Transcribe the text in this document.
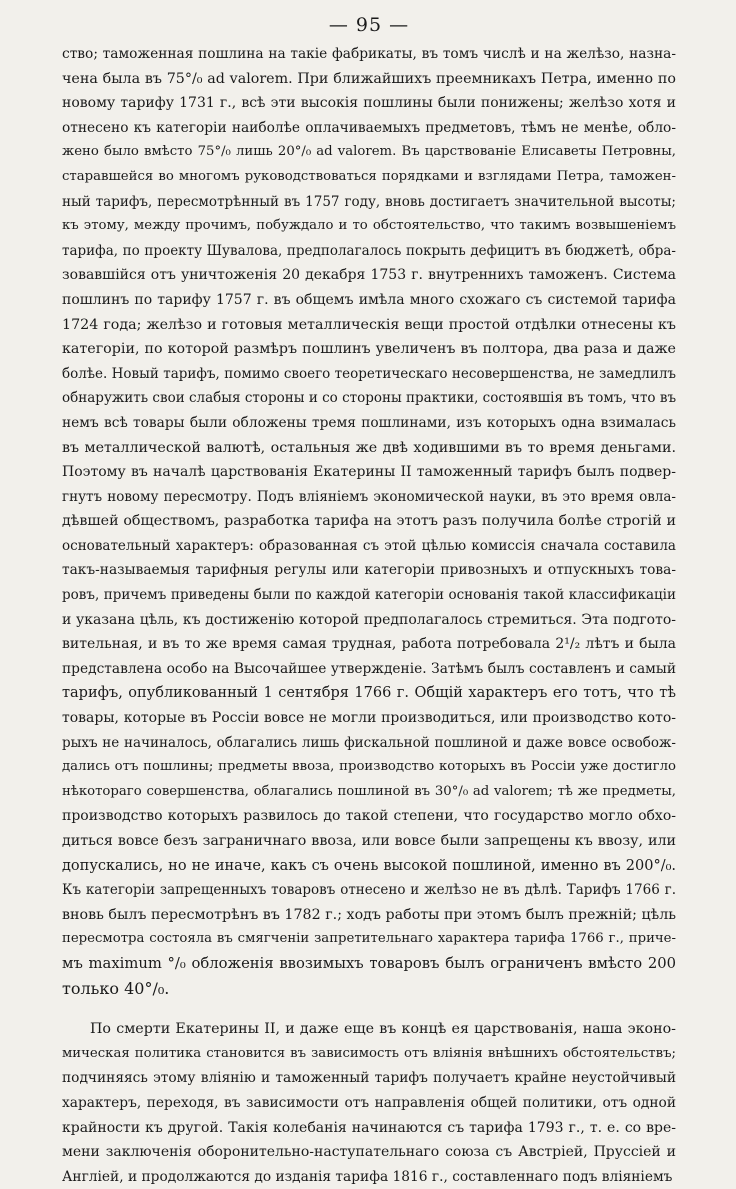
— 95 —
ство; таможенная пошлина на такiе фабрикаты, въ томъ числѣ и на желѣзо, назна-
чена была въ 75°/₀ ad valorem. При ближайшихъ преемникахъ Петра, именно по
новому тарифу 1731 г., всѣ эти высокiя пошлины были понижены; желѣзо хотя и
отнесено къ категорiи наиболѣе оплачиваемыхъ предметовъ, тѣмъ не менѣе, обло-
жено было вмѣсто 75°/₀ лишь 20°/₀ ad valorem. Въ царствованiе Елисаветы Петровны,
старавшейся во многомъ руководствоваться порядками и взглядами Петра, таможен-
ный тарифъ, пересмотрѣнный въ 1757 году, вновь достигаетъ значительной высоты;
къ этому, между прочимъ, побуждало и то обстоятельство, что такимъ возвышенiемъ
тарифа, по проекту Шувалова, предполагалось покрыть дефицитъ въ бюджетѣ, обра-
зовавшiйся отъ уничтоженiя 20 декабря 1753 г. внутреннихъ таможенъ. Система
пошлинъ по тарифу 1757 г. въ общемъ имѣла много схожаго съ системой тарифа
1724 года; желѣзо и готовыя металлическiя вещи простой отдѣлки отнесены къ
категорiи, по которой размѣръ пошлинъ увеличенъ въ полтора, два раза и даже
болѣе. Новый тарифъ, помимо своего теоретическаго несовершенства, не замедлилъ
обнаружить свои слабыя стороны и со стороны практики, состоявшiя въ томъ, что въ
немъ всѣ товары были обложены тремя пошлинами, изъ которыхъ одна взималась
въ металлической валютѣ, остальныя же двѣ ходившими въ то время деньгами.
Поэтому въ началѣ царствованiя Екатерины II таможенный тарифъ былъ подвер-
гнутъ новому пересмотру. Подъ влiянiемъ экономической науки, въ это время овла-
дѣвшей обществомъ, разработка тарифа на этотъ разъ получила болѣе строгiй и
основательный характеръ: образованная съ этой цѣлью комиссiя сначала составила
такъ-называемыя тарифныя регулы или категорiи привозныхъ и отпускныхъ това-
ровъ, причемъ приведены были по каждой категорiи основанiя такой классификацiи
и указана цѣль, къ достиженiю которой предполагалось стремиться. Эта подгото-
вительная, и въ то же время самая трудная, работа потребовала 2¹/₂ лѣтъ и была
представлена особо на Высочайшее утвержденiе. Затѣмъ былъ составленъ и самый
тарифъ, опубликованный 1 сентября 1766 г. Общiй характеръ его тотъ, что тѣ
товары, которые въ Россiи вовсе не могли производиться, или производство кото-
рыхъ не начиналось, облагались лишь фискальной пошлиной и даже вовсе освобож-
дались отъ пошлины; предметы ввоза, производство которыхъ въ Россiи уже достигло
нѣкотораго совершенства, облагались пошлиной въ 30°/₀ ad valorem; тѣ же предметы,
производство которыхъ развилось до такой степени, что государство могло обхо-
диться вовсе безъ заграничнаго ввоза, или вовсе были запрещены къ ввозу, или
допускались, но не иначе, какъ съ очень высокой пошлиной, именно въ 200°/₀.
Къ категорiи запрещенныхъ товаровъ отнесено и желѣзо не въ дѣлѣ. Тарифъ 1766 г.
вновь былъ пересмотрѣнъ въ 1782 г.; ходъ работы при этомъ былъ прежнiй; цѣль
пересмотра состояла въ смягченiи запретительнаго характера тарифа 1766 г., приче-
мъ maximum °/₀ обложенiя ввозимыхъ товаровъ былъ ограниченъ вмѣсто 200
только 40°/₀.
По смерти Екатерины II, и даже еще въ концѣ ея царствованiя, наша эконо-
мическая политика становится въ зависимость отъ влiянiя внѣшнихъ обстоятельствъ;
подчиняясь этому влiянiю и таможенный тарифъ получаетъ крайне неустойчивый
характеръ, переходя, въ зависимости отъ направленiя общей политики, отъ одной
крайности къ другой. Такiя колебанiя начинаются съ тарифа 1793 г., т. е. со вре-
мени заключенiя оборонительно-наступательнаго союза съ Австрiей, Пруссiей и
Англiей, и продолжаются до изданiя тарифа 1816 г., составленнаго подъ влiянiемъ
